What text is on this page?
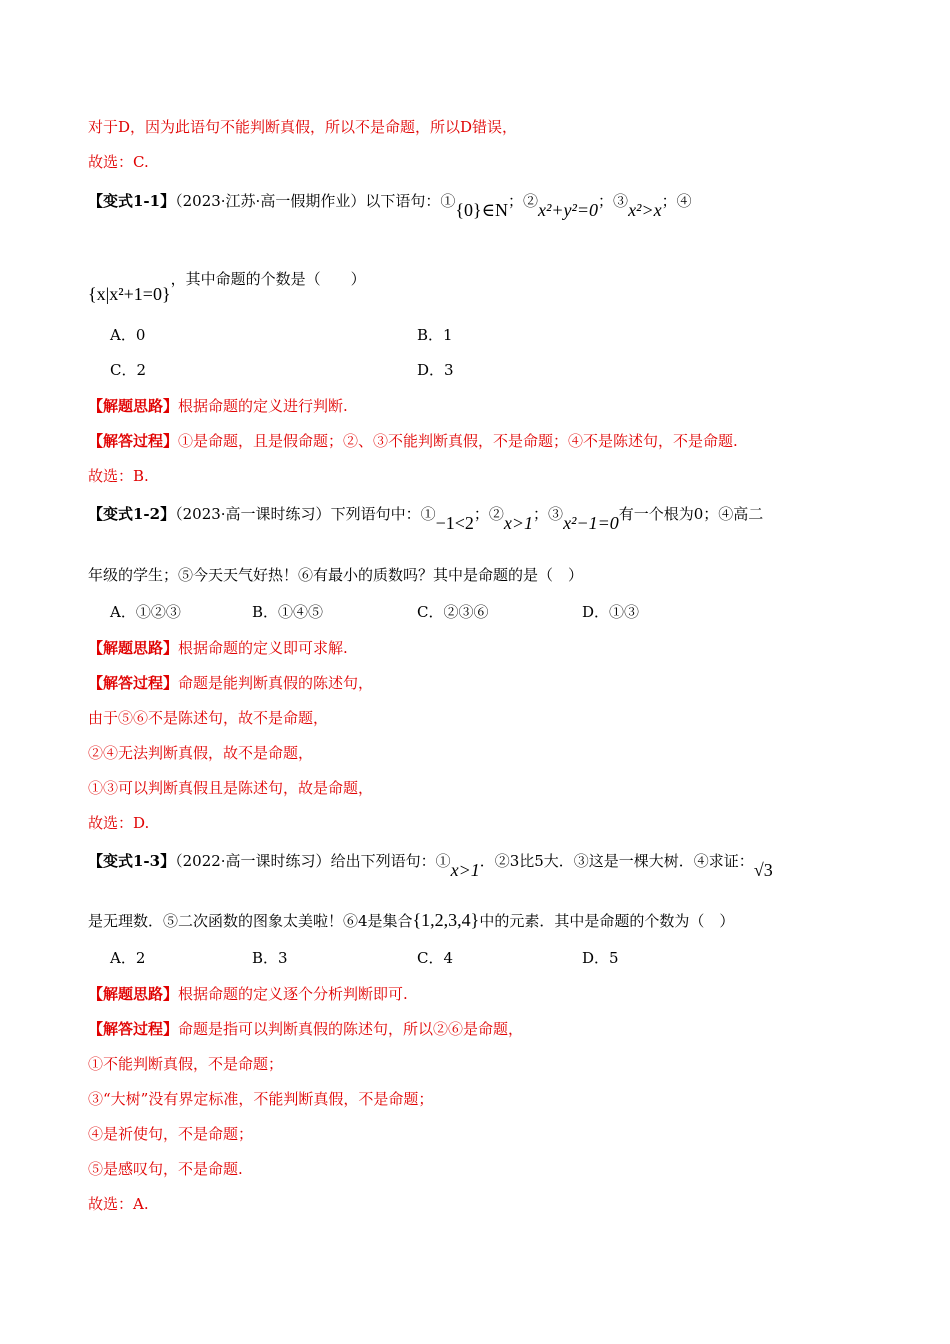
对于D，因为此语句不能判断真假，所以不是命题，所以D错误，
故选：C.
【变式1-1】（2023·江苏·高一假期作业）以下语句：①{0}∈N；②x²+y²=0；③x²>x；④
{x|x²+1=0}，其中命题的个数是（　　）
A．0	B．1
C．2	D．3
【解题思路】根据命题的定义进行判断.
【解答过程】①是命题，且是假命题；②、③不能判断真假，不是命题；④不是陈述句，不是命题.
故选：B.
【变式1-2】（2023·高一课时练习）下列语句中：①−1<2；②x>1；③x²−1=0有一个根为0；④高二
年级的学生；⑤今天天气好热！⑥有最小的质数吗？其中是命题的是（　）
A．①②③	B．①④⑤	C．②③⑥	D．①③
【解题思路】根据命题的定义即可求解.
【解答过程】命题是能判断真假的陈述句，
由于⑤⑥不是陈述句，故不是命题，
②④无法判断真假，故不是命题，
①③可以判断真假且是陈述句，故是命题，
故选：D.
【变式1-3】（2022·高一课时练习）给出下列语句：①x>1．②3比5大．③这是一棵大树．④求证：√3
是无理数．⑤二次函数的图象太美啦！⑥4是集合{1,2,3,4}中的元素．其中是命题的个数为（　）
A．2	B．3	C．4	D．5
【解题思路】根据命题的定义逐个分析判断即可.
【解答过程】命题是指可以判断真假的陈述句，所以②⑥是命题，
①不能判断真假，不是命题；
③“大树”没有界定标准，不能判断真假，不是命题；
④是祈使句，不是命题；
⑤是感叹句，不是命题.
故选：A.
